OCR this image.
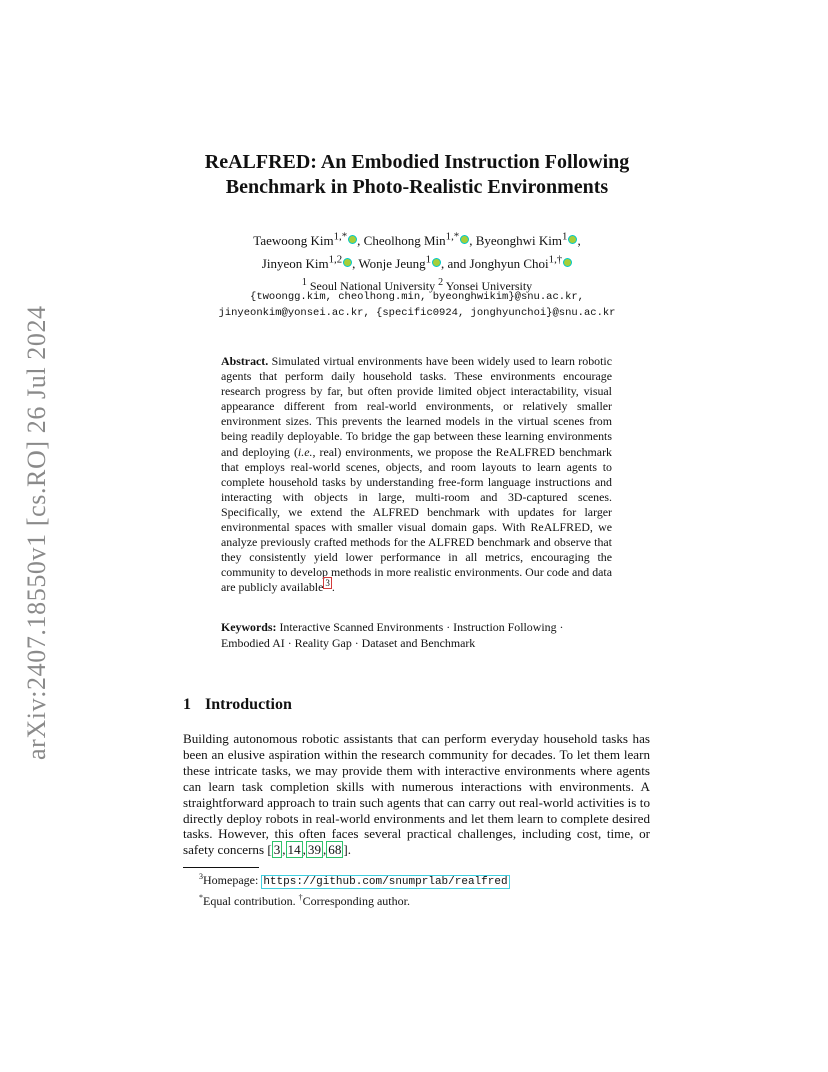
arXiv:2407.18550v1 [cs.RO] 26 Jul 2024
ReALFRED: An Embodied Instruction Following
Benchmark in Photo-Realistic Environments
Taewoong Kim$^{1,*}$ , Cheolhong Min$^{1,*}$ , Byeonghwi Kim$^1$ ,
Jinyeon Kim$^{1,2}$ , Wonje Jeung$^1$ , and Jonghyun Choi$^{1,\dagger}$
$^1$ Seoul National University $^2$ Yonsei University
{twoongg.kim, cheolhong.min, byeonghwikim}@snu.ac.kr,
jinyeonkim@yonsei.ac.kr, {specific0924, jonghyunchoi}@snu.ac.kr
Abstract. Simulated virtual environments have been widely used to learn robotic agents that perform daily household tasks. These environments encourage research progress by far, but often provide limited object interactability, visual appearance different from real-world environments, or relatively smaller environment sizes. This prevents the learned models in the virtual scenes from being readily deployable. To bridge the gap between these learning environments and deploying (i.e., real) environments, we propose the ReALFRED benchmark that employs real-world scenes, objects, and room layouts to learn agents to complete household tasks by understanding free-form language instructions and interacting with objects in large, multi-room and 3D-captured scenes. Specifically, we extend the ALFRED benchmark with updates for larger environmental spaces with smaller visual domain gaps. With ReALFRED, we analyze previously crafted methods for the ALFRED benchmark and observe that they consistently yield lower performance in all metrics, encouraging the community to develop methods in more realistic environments. Our code and data are publicly available $^3$ .
Keywords: Interactive Scanned Environments · Instruction Following · Embodied AI · Reality Gap · Dataset and Benchmark
1 Introduction
Building autonomous robotic assistants that can perform everyday household tasks has been an elusive aspiration within the research community for decades. To let them learn these intricate tasks, we may provide them with interactive environments where agents can learn task completion skills with numerous interactions with environments. A straightforward approach to train such agents that can carry out real-world activities is to directly deploy robots in real-world environments and let them learn to complete desired tasks. However, this often faces several practical challenges, including cost, time, or safety concerns [ 3 , 14 , 39 , 68 ].
$^3$Homepage: https://github.com/snumprlab/realfred
*Equal contribution. †Corresponding author.
